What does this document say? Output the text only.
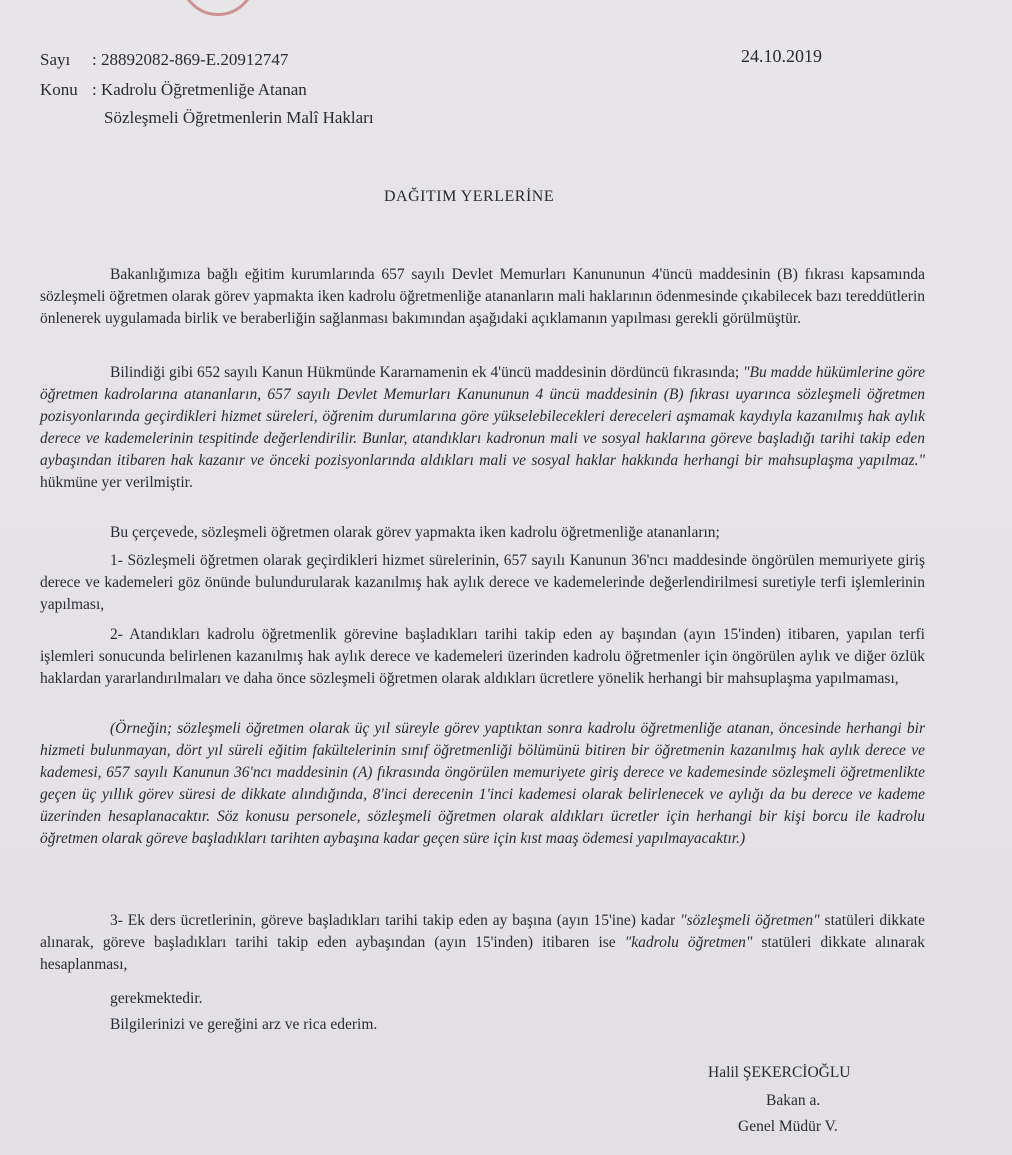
Sayı : 28892082-869-E.20912747	24.10.2019
Konu : Kadrolu Öğretmenliğe Atanan
Sözleşmeli Öğretmenlerin Malî Hakları
DAĞITIM YERLERİNE
Bakanlığımıza bağlı eğitim kurumlarında 657 sayılı Devlet Memurları Kanununun 4'üncü maddesinin (B) fıkrası kapsamında sözleşmeli öğretmen olarak görev yapmakta iken kadrolu öğretmenliğe atananların mali haklarının ödenmesinde çıkabilecek bazı tereddütlerin önlenerek uygulamada birlik ve beraberliğin sağlanması bakımından aşağıdaki açıklamanın yapılması gerekli görülmüştür.
Bilindiği gibi 652 sayılı Kanun Hükmünde Kararnamenin ek 4'üncü maddesinin dördüncü fıkrasında; "Bu madde hükümlerine göre öğretmen kadrolarına atananların, 657 sayılı Devlet Memurları Kanununun 4 üncü maddesinin (B) fıkrası uyarınca sözleşmeli öğretmen pozisyonlarında geçirdikleri hizmet süreleri, öğrenim durumlarına göre yükselebilecekleri dereceleri aşmamak kaydıyla kazanılmış hak aylık derece ve kademelerinin tespitinde değerlendirilir. Bunlar, atandıkları kadronun mali ve sosyal haklarına göreve başladığı tarihi takip eden aybaşından itibaren hak kazanır ve önceki pozisyonlarında aldıkları mali ve sosyal haklar hakkında herhangi bir mahsuplaşma yapılmaz." hükmüne yer verilmiştir.
Bu çerçevede, sözleşmeli öğretmen olarak görev yapmakta iken kadrolu öğretmenliğe atananların;
1- Sözleşmeli öğretmen olarak geçirdikleri hizmet sürelerinin, 657 sayılı Kanunun 36'ncı maddesinde öngörülen memuriyete giriş derece ve kademeleri göz önünde bulundurularak kazanılmış hak aylık derece ve kademelerinde değerlendirilmesi suretiyle terfi işlemlerinin yapılması,
2- Atandıkları kadrolu öğretmenlik görevine başladıkları tarihi takip eden ay başından (ayın 15'inden) itibaren, yapılan terfi işlemleri sonucunda belirlenen kazanılmış hak aylık derece ve kademeleri üzerinden kadrolu öğretmenler için öngörülen aylık ve diğer özlük haklardan yararlandırılmaları ve daha önce sözleşmeli öğretmen olarak aldıkları ücretlere yönelik herhangi bir mahsuplaşma yapılmaması,
(Örneğin; sözleşmeli öğretmen olarak üç yıl süreyle görev yaptıktan sonra kadrolu öğretmenliğe atanan, öncesinde herhangi bir hizmeti bulunmayan, dört yıl süreli eğitim fakültelerinin sınıf öğretmenliği bölümünü bitiren bir öğretmenin kazanılmış hak aylık derece ve kademesi, 657 sayılı Kanunun 36'ncı maddesinin (A) fıkrasında öngörülen memuriyete giriş derece ve kademesinde sözleşmeli öğretmenlikte geçen üç yıllık görev süresi de dikkate alındığında, 8'inci derecenin 1'inci kademesi olarak belirlenecek ve aylığı da bu derece ve kademe üzerinden hesaplanacaktır. Söz konusu personele, sözleşmeli öğretmen olarak aldıkları ücretler için herhangi bir kişi borcu ile kadrolu öğretmen olarak göreve başladıkları tarihten aybaşına kadar geçen süre için kıst maaş ödemesi yapılmayacaktır.)
3- Ek ders ücretlerinin, göreve başladıkları tarihi takip eden ay başına (ayın 15'ine) kadar "sözleşmeli öğretmen" statüleri dikkate alınarak, göreve başladıkları tarihi takip eden aybaşından (ayın 15'inden) itibaren ise "kadrolu öğretmen" statüleri dikkate alınarak hesaplanması,
gerekmektedir.
Bilgilerinizi ve gereğini arz ve rica ederim.
Halil ŞEKERCİOĞLU
Bakan a.
Genel Müdür V.
